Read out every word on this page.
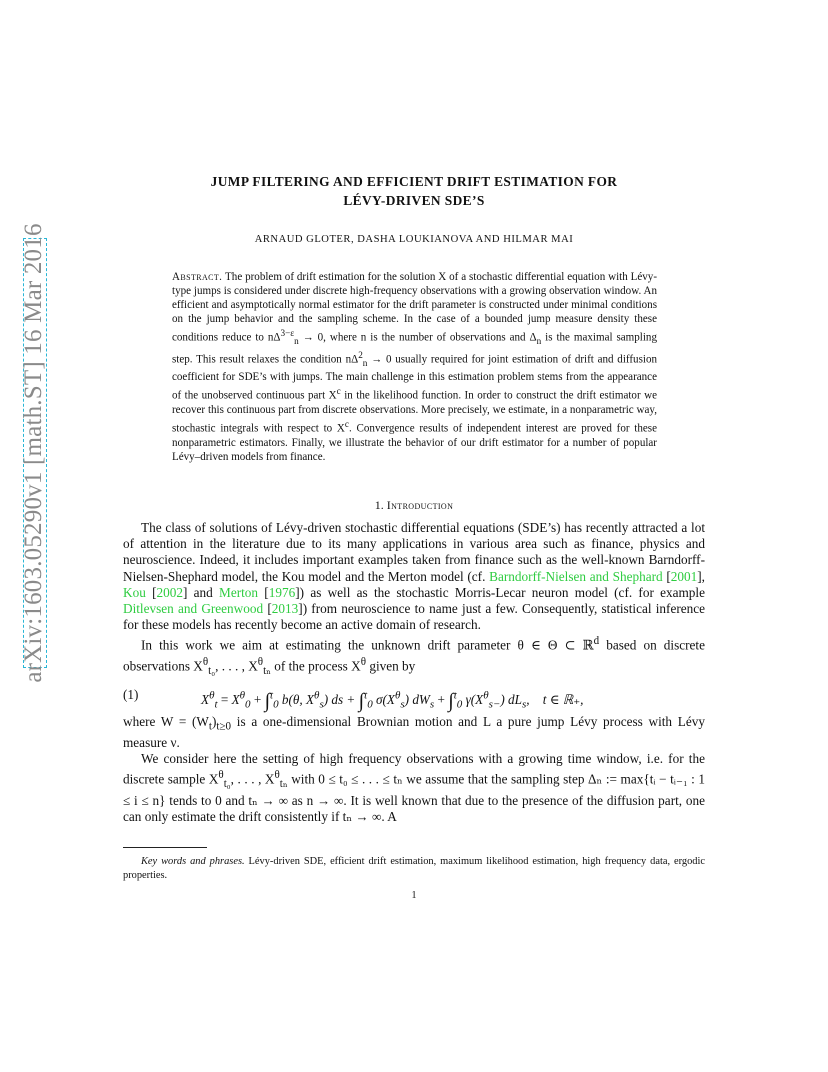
arXiv:1603.05290v1 [math.ST] 16 Mar 2016
JUMP FILTERING AND EFFICIENT DRIFT ESTIMATION FOR
LÉVY-DRIVEN SDE’S
ARNAUD GLOTER, DASHA LOUKIANOVA AND HILMAR MAI
Abstract. The problem of drift estimation for the solution X of a stochastic differential equation with Lévy-type jumps is considered under discrete high-frequency observations with a growing observation window. An efficient and asymptotically normal estimator for the drift parameter is constructed under minimal conditions on the jump behavior and the sampling scheme. In the case of a bounded jump measure density these conditions reduce to $n\Delta^{3-\varepsilon}_n \to 0$, where n is the number of observations and $\Delta_n$ is the maximal sampling step. This result relaxes the condition $n\Delta^2_n \to 0$ usually required for joint estimation of drift and diffusion coefficient for SDE’s with jumps. The main challenge in this estimation problem stems from the appearance of the unobserved continuous part $X^c$ in the likelihood function. In order to construct the drift estimator we recover this continuous part from discrete observations. More precisely, we estimate, in a nonparametric way, stochastic integrals with respect to $X^c$. Convergence results of independent interest are proved for these nonparametric estimators. Finally, we illustrate the behavior of our drift estimator for a number of popular Lévy–driven models from finance.
1. Introduction

The class of solutions of Lévy-driven stochastic differential equations (SDE’s) has recently attracted a lot of attention in the literature due to its many applications in various area such as finance, physics and neuroscience. Indeed, it includes important examples taken from finance such as the well-known Barndorff-Nielsen-Shephard model, the Kou model and the Merton model (cf. Barndorff-Nielsen and Shephard [2001], Kou [2002] and Merton [1976]) as well as the stochastic Morris-Lecar neuron model (cf. for example Ditlevsen and Greenwood [2013]) from neuroscience to name just a few. Consequently, statistical inference for these models has recently become an active domain of research.

In this work we aim at estimating the unknown drift parameter θ ∈ Θ ⊂ ℝ$^d$ based on discrete observations $X^\theta_{t_0}$, . . . , $X^\theta_{t_n}$ of the process $X^\theta$ given by

(1)	$X^\theta_t = X^\theta_0 + \int^t_0$ b(θ, $X^\theta_s$) ds + ∫$^t_0$ $\sigma(X^\theta_s) dW_s + \int^t_0$ $\gamma(X^\theta_{s-})$ $dL_s$,    t ∈ ℝ₊,

where $W = (W_t)_{t\ge 0}$ is a one-dimensional Brownian motion and L a pure jump Lévy process with Lévy measure ν.

We consider here the setting of high frequency observations with a growing time window, i.e. for the discrete sample $X^\theta_{t_0}$, . . . , $X^\theta_{t_n}$ with 0 ≤ t₀ ≤ . . . ≤ tₙ we assume that the sampling step Δₙ := max{tᵢ − tᵢ₋₁ : 1 ≤ i ≤ n} tends to 0 and tₙ → ∞ as n → ∞. It is well known that due to the presence of the diffusion part, one can only estimate the drift consistently if tₙ → ∞. A

Key words and phrases. Lévy-driven SDE, efficient drift estimation, maximum likelihood estimation, high frequency data, ergodic properties.
1
